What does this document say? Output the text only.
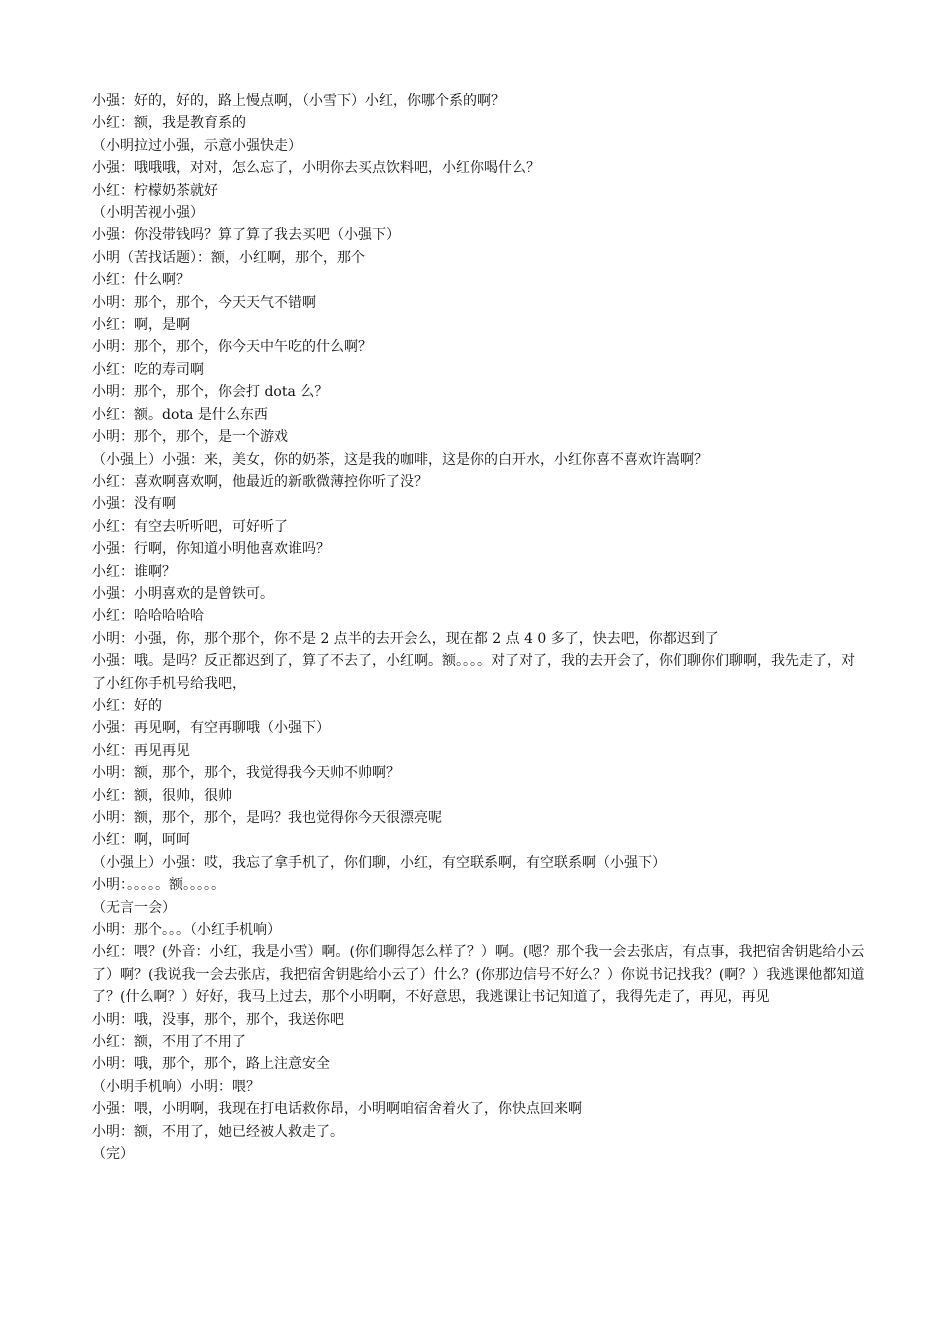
小强：好的，好的，路上慢点啊，（小雪下）小红，你哪个系的啊？

小红：额，我是教育系的

（小明拉过小强，示意小强快走）

小强：哦哦哦，对对，怎么忘了，小明你去买点饮料吧，小红你喝什么？

小红：柠檬奶茶就好

（小明苦视小强）

小强：你没带钱吗？算了算了我去买吧（小强下）

小明（苦找话题）：额，小红啊，那个，那个

小红：什么啊？

小明：那个，那个，今天天气不错啊

小红：啊，是啊

小明：那个，那个，你今天中午吃的什么啊？

小红：吃的寿司啊

小明：那个，那个，你会打 dota 么？

小红：额。dota 是什么东西

小明：那个，那个，是一个游戏

（小强上）小强：来，美女，你的奶茶，这是我的咖啡，这是你的白开水，小红你喜不喜欢许嵩啊？

小红：喜欢啊喜欢啊，他最近的新歌微薄控你听了没？

小强：没有啊

小红：有空去听听吧，可好听了

小强：行啊，你知道小明他喜欢谁吗？

小红：谁啊？

小强：小明喜欢的是曾铁可。

小红：哈哈哈哈哈

小明：小强，你，那个那个，你不是 2 点半的去开会么，现在都 2 点 4 0 多了，快去吧，你都迟到了

小强：哦。是吗？反正都迟到了，算了不去了，小红啊。额。。。。对了对了，我的去开会了，你们聊你们聊啊，我先走了，对了小红你手机号给我吧，

小红：好的

小强：再见啊，有空再聊哦（小强下）

小红：再见再见

小明：额，那个，那个，我觉得我今天帅不帅啊？

小红：额，很帅，很帅

小明：额，那个，那个，是吗？我也觉得你今天很漂亮呢

小红：啊，呵呵

（小强上）小强：哎，我忘了拿手机了，你们聊，小红，有空联系啊，有空联系啊（小强下）

小明：。。。。。额。。。。。

（无言一会）

小明：那个。。。（小红手机响）

小红：喂？(外音：小红，我是小雪）啊。(你们聊得怎么样了？）啊。(嗯？那个我一会去张店，有点事，我把宿舍钥匙给小云了）啊？(我说我一会去张店，我把宿舍钥匙给小云了）什么？(你那边信号不好么？）你说书记找我？(啊？）我逃课他都知道了？(什么啊？）好好，我马上过去，那个小明啊，不好意思，我逃课让书记知道了，我得先走了，再见，再见

小明：哦，没事，那个，那个，我送你吧

小红：额，不用了不用了

小明：哦，那个，那个，路上注意安全

（小明手机响）小明：喂？

小强：喂，小明啊，我现在打电话救你昂，小明啊咱宿舍着火了，你快点回来啊

小明：额，不用了，她已经被人救走了。

（完）
